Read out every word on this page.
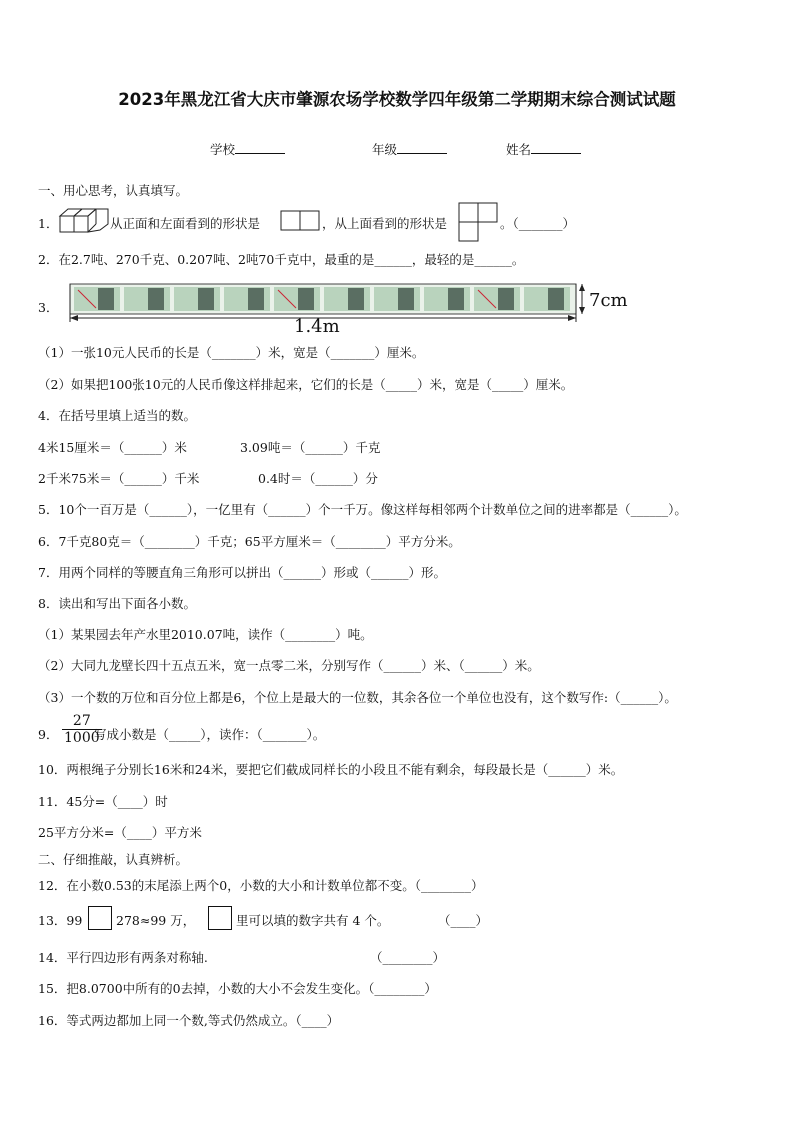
2023年黑龙江省大庆市肇源农场学校数学四年级第二学期期末综合测试试题
学校	年级	姓名
一、用心思考，认真填写。
1．	从正面和左面看到的形状是	，从上面看到的形状是	。（_______）
2．在2.7吨、270千克、0.207吨、2吨70千克中，最重的是______，最轻的是______。
3．	7cm
1.4m
（1）一张10元人民币的长是（_______）米，宽是（_______）厘米。
（2）如果把100张10元的人民币像这样排起来，它们的长是（_____）米，宽是（_____）厘米。
4．在括号里填上适当的数。
4米15厘米＝（______）米	3.09吨＝（______）千克
2千米75米＝（______）千米	0.4时＝（______）分
5．10个一百万是（______），一亿里有（______）个一千万。像这样每相邻两个计数单位之间的进率都是（______）。
6．7千克80克＝（________）千克；65平方厘米＝（________）平方分米。
7．用两个同样的等腰直角三角形可以拼出（______）形或（______）形。
8．读出和写出下面各小数。
（1）某果园去年产水里2010.07吨，读作（________）吨。
（2）大同九龙壁长四十五点五米，宽一点零二米，分别写作（______）米、（______）米。
（3）一个数的万位和百分位上都是6，个位上是最大的一位数，其余各位一个单位也没有，这个数写作:（______）。
9． $\frac{27}{1000}$
写成小数是（_____），读作：（_______）。
10．两根绳子分别长16米和24米，要把它们截成同样长的小段且不能有剩余，每段最长是（______）米。
11．45分=（____）时
25平方分米=（____）平方米
二、仔细推敲，认真辨析。
12．在小数0.53的末尾添上两个0，小数的大小和计数单位都不变。（________）
13．99	278≈99 万，	里可以填的数字共有 4 个。	（____）
14．平行四边形有两条对称轴.	（________）
15．把8.0700中所有的0去掉，小数的大小不会发生变化。（________）
16．等式两边都加上同一个数,等式仍然成立。（____）
